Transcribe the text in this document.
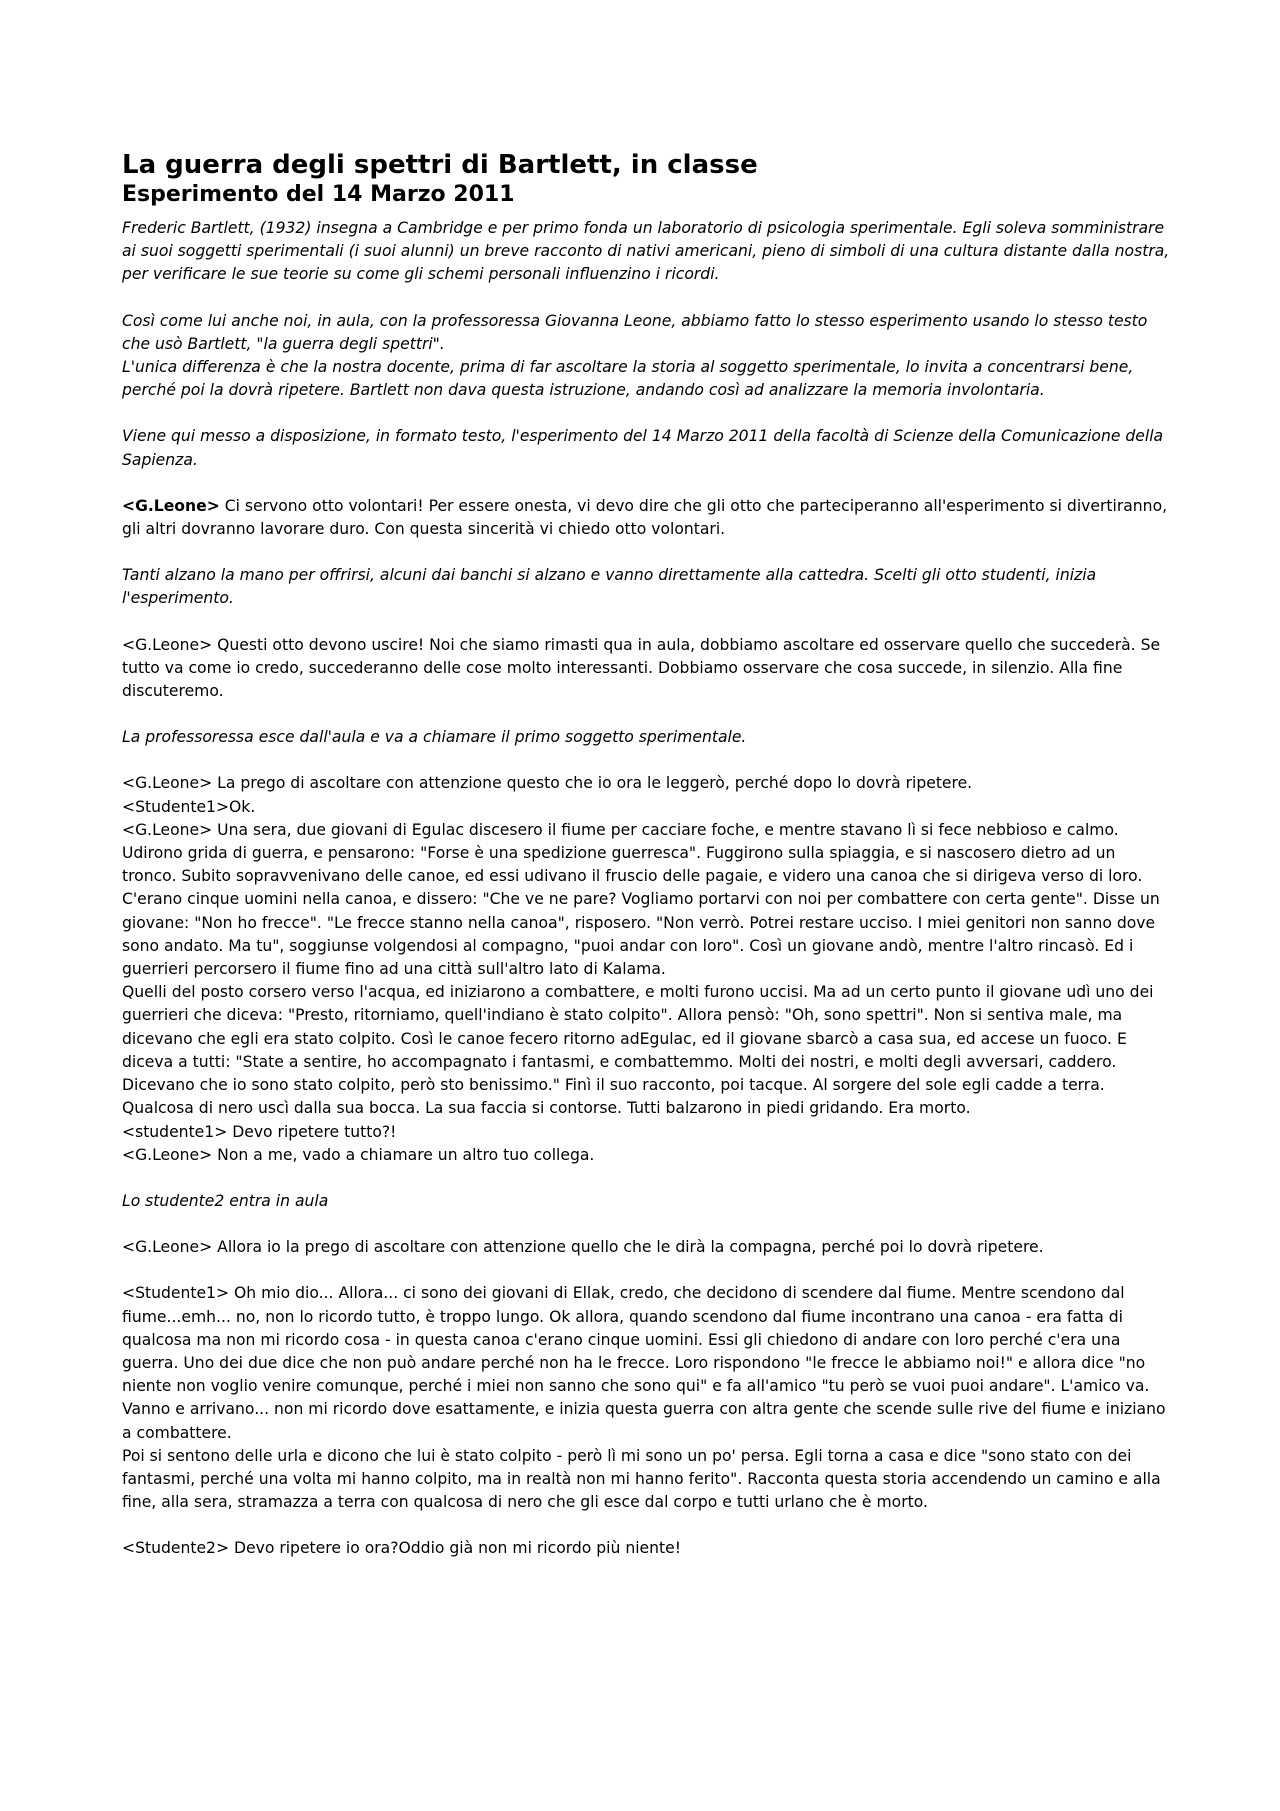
La guerra degli spettri di Bartlett, in classe
Esperimento del 14 Marzo 2011
Frederic Bartlett, (1932) insegna a Cambridge e per primo fonda un laboratorio di psicologia sperimentale. Egli soleva somministrare ai suoi soggetti sperimentali (i suoi alunni) un breve racconto di nativi americani, pieno di simboli di una cultura distante dalla nostra, per verificare le sue teorie su come gli schemi personali influenzino i ricordi.
Così come lui anche noi, in aula, con la professoressa Giovanna Leone, abbiamo fatto lo stesso esperimento usando lo stesso testo che usò Bartlett, "la guerra degli spettri".
L'unica differenza è che la nostra docente, prima di far ascoltare la storia al soggetto sperimentale, lo invita a concentrarsi bene, perché poi la dovrà ripetere. Bartlett non dava questa istruzione, andando così ad analizzare la memoria involontaria.
Viene qui messo a disposizione, in formato testo, l'esperimento del 14 Marzo 2011 della facoltà di Scienze della Comunicazione della Sapienza.
<G.Leone> Ci servono otto volontari! Per essere onesta, vi devo dire che gli otto che parteciperanno all'esperimento si divertiranno, gli altri dovranno lavorare duro. Con questa sincerità vi chiedo otto volontari.
Tanti alzano la mano per offrirsi, alcuni dai banchi si alzano e vanno direttamente alla cattedra. Scelti gli otto studenti, inizia l'esperimento.
<G.Leone> Questi otto devono uscire! Noi che siamo rimasti qua in aula, dobbiamo ascoltare ed osservare quello che succederà. Se tutto va come io credo, succederanno delle cose molto interessanti. Dobbiamo osservare che cosa succede, in silenzio. Alla fine discuteremo.
La professoressa esce dall'aula e va a chiamare il primo soggetto sperimentale.
<G.Leone> La prego di ascoltare con attenzione questo che io ora le leggerò, perché dopo lo dovrà ripetere.
<Studente1>Ok.
<G.Leone> Una sera, due giovani di Egulac discesero il fiume per cacciare foche, e mentre stavano lì si fece nebbioso e calmo. Udirono grida di guerra, e pensarono: "Forse è una spedizione guerresca". Fuggirono sulla spiaggia, e si nascosero dietro ad un tronco. Subito sopravvenivano delle canoe, ed essi udivano il fruscio delle pagaie, e videro una canoa che si dirigeva verso di loro. C'erano cinque uomini nella canoa, e dissero: "Che ve ne pare? Vogliamo portarvi con noi per combattere con certa gente". Disse un giovane: "Non ho frecce". "Le frecce stanno nella canoa", risposero. "Non verrò. Potrei restare ucciso. I miei genitori non sanno dove sono andato. Ma tu", soggiunse volgendosi al compagno, "puoi andar con loro". Così un giovane andò, mentre l'altro rincasò. Ed i guerrieri percorsero il fiume fino ad una città sull'altro lato di Kalama.
Quelli del posto corsero verso l'acqua, ed iniziarono a combattere, e molti furono uccisi. Ma ad un certo punto il giovane udì uno dei guerrieri che diceva: "Presto, ritorniamo, quell'indiano è stato colpito". Allora pensò: "Oh, sono spettri". Non si sentiva male, ma dicevano che egli era stato colpito. Così le canoe fecero ritorno adEgulac, ed il giovane sbarcò a casa sua, ed accese un fuoco. E diceva a tutti: "State a sentire, ho accompagnato i fantasmi, e combattemmo. Molti dei nostri, e molti degli avversari, caddero. Dicevano che io sono stato colpito, però sto benissimo." Finì il suo racconto, poi tacque. Al sorgere del sole egli cadde a terra. Qualcosa di nero uscì dalla sua bocca. La sua faccia si contorse. Tutti balzarono in piedi gridando. Era morto.
<studente1> Devo ripetere tutto?!
<G.Leone> Non a me, vado a chiamare un altro tuo collega.
Lo studente2 entra in aula
<G.Leone> Allora io la prego di ascoltare con attenzione quello che le dirà la compagna, perché poi lo dovrà ripetere.
<Studente1> Oh mio dio... Allora... ci sono dei giovani di Ellak, credo, che decidono di scendere dal fiume. Mentre scendono dal fiume...emh... no, non lo ricordo tutto, è troppo lungo. Ok allora, quando scendono dal fiume incontrano una canoa - era fatta di qualcosa ma non mi ricordo cosa - in questa canoa c'erano cinque uomini. Essi gli chiedono di andare con loro perché c'era una guerra. Uno dei due dice che non può andare perché non ha le frecce. Loro rispondono "le frecce le abbiamo noi!" e allora dice "no niente non voglio venire comunque, perché i miei non sanno che sono qui" e fa all'amico "tu però se vuoi puoi andare". L'amico va.
Vanno e arrivano... non mi ricordo dove esattamente, e inizia questa guerra con altra gente che scende sulle rive del fiume e iniziano a combattere.
Poi si sentono delle urla e dicono che lui è stato colpito - però lì mi sono un po' persa. Egli torna a casa e dice "sono stato con dei fantasmi, perché una volta mi hanno colpito, ma in realtà non mi hanno ferito". Racconta questa storia accendendo un camino e alla fine, alla sera, stramazza a terra con qualcosa di nero che gli esce dal corpo e tutti urlano che è morto.
<Studente2> Devo ripetere io ora?Oddio già non mi ricordo più niente!
